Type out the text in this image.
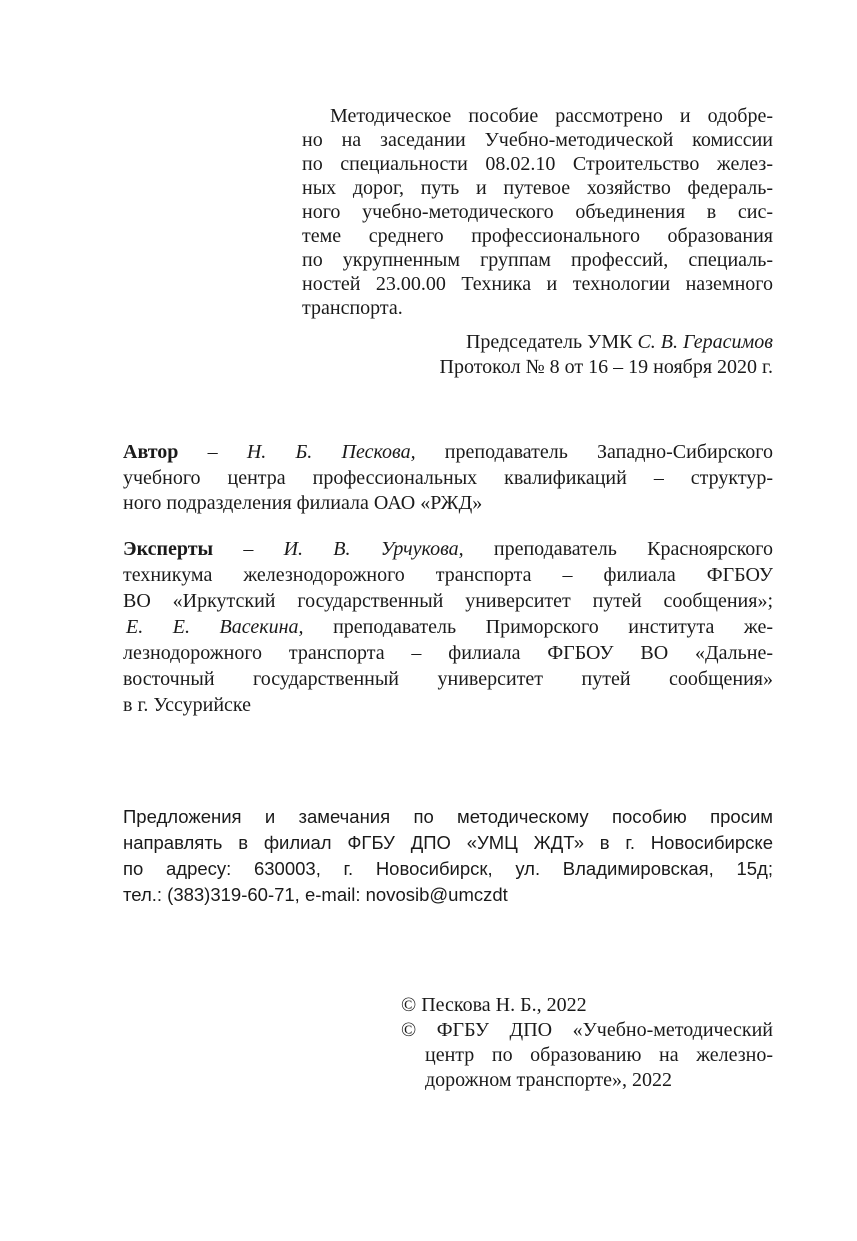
Методическое пособие рассмотрено и одобре-
но на заседании Учебно-методической комиссии
по специальности 08.02.10 Строительство желез-
ных дорог, путь и путевое хозяйство федераль-
ного учебно-методического объединения в сис-
теме среднего профессионального образования
по укрупненным группам профессий, специаль-
ностей 23.00.00 Техника и технологии наземного
транспорта.
Председатель УМК С. В. Герасимов
Протокол № 8 от 16 – 19 ноября 2020 г.
Автор – Н. Б. Пескова, преподаватель Западно-Сибирского
учебного центра профессиональных квалификаций – структур-
ного подразделения филиала ОАО «РЖД»
Эксперты – И. В. Урчукова, преподаватель Красноярского
техникума железнодорожного транспорта – филиала ФГБОУ
ВО «Иркутский государственный университет путей сообщения»;
Е. Е. Васекина, преподаватель Приморского института же-
лезнодорожного транспорта – филиала ФГБОУ ВО «Дальне-
восточный государственный университет путей сообщения»
в г. Уссурийске
Предложения и замечания по методическому пособию просим
направлять в филиал ФГБУ ДПО «УМЦ ЖДТ» в г. Новосибирске
по адресу: 630003, г. Новосибирск, ул. Владимировская, 15д;
тел.: (383)319-60-71, e-mail: novosib@umczdt
© Пескова Н. Б., 2022
© ФГБУ ДПО «Учебно-методический
центр по образованию на железно-
дорожном транспорте», 2022
